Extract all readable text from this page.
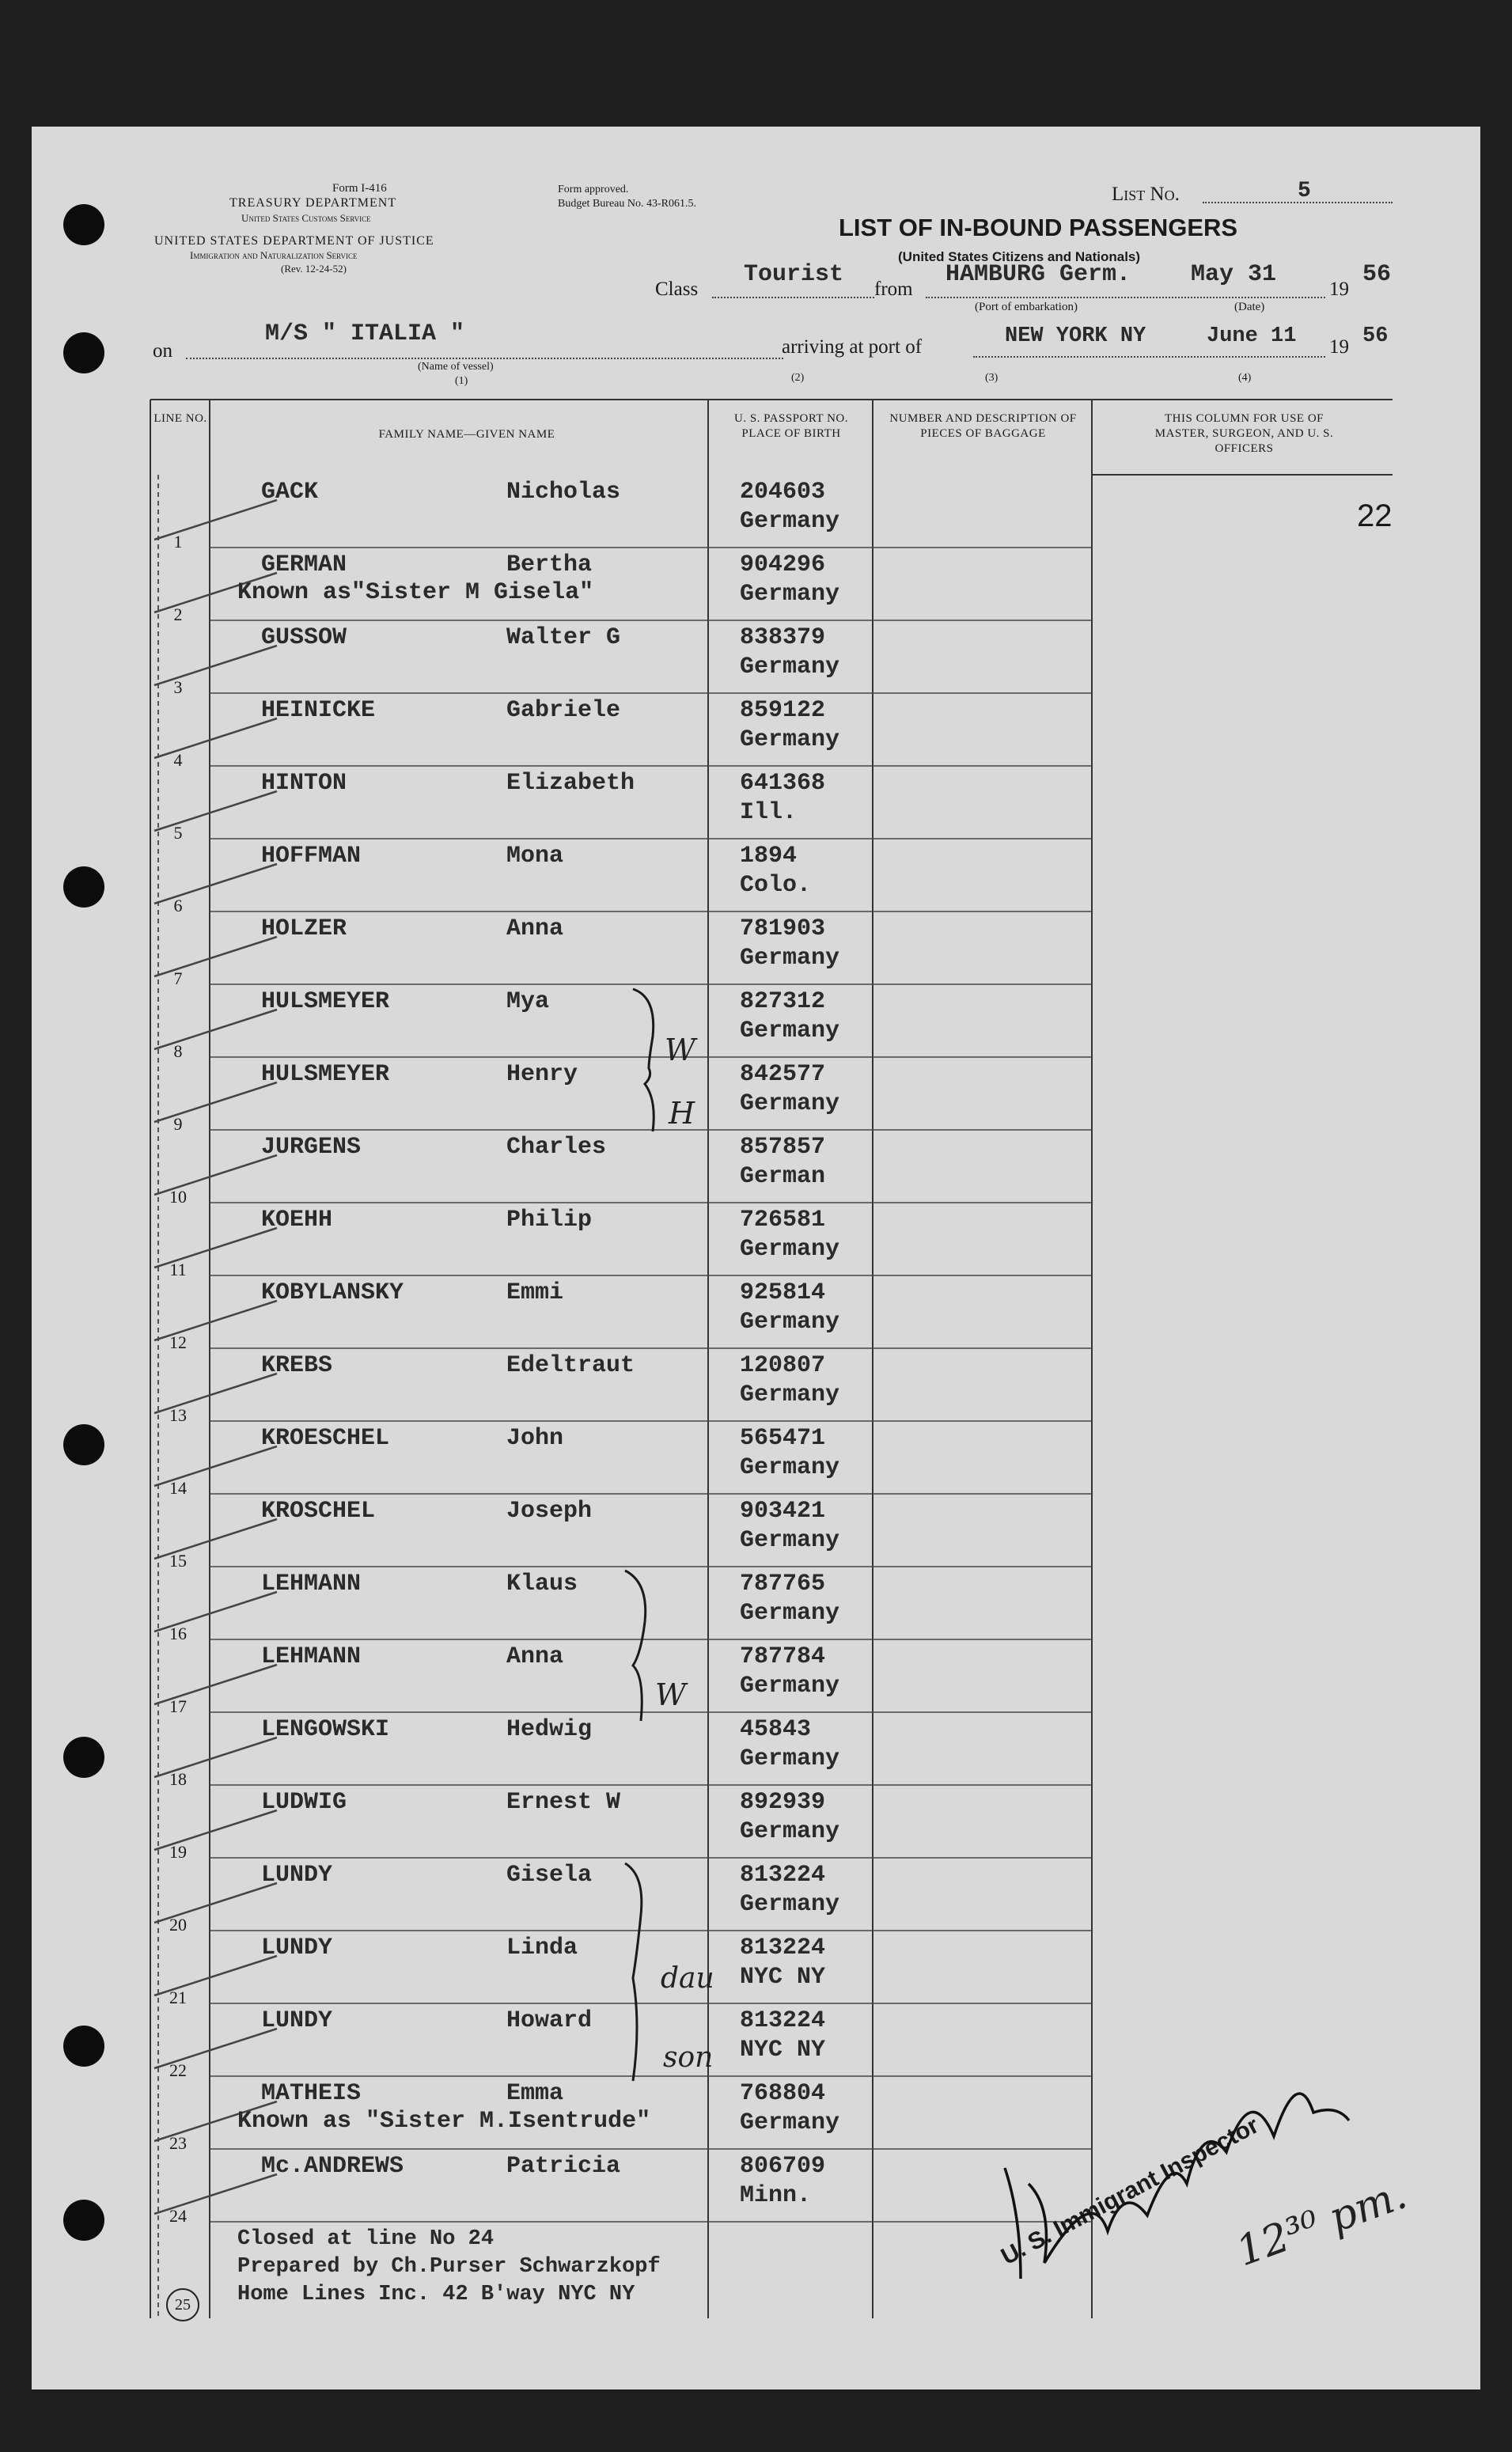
Form I-416
TREASURY DEPARTMENT
United States Customs Service
UNITED STATES DEPARTMENT OF JUSTICE
Immigration and Naturalization Service
(Rev. 12-24-52)
Form approved.
Budget Bureau No. 43-R061.5.
LIST OF IN-BOUND PASSENGERS
(United States Citizens and Nationals)
List No.	5
Class
Tourist
from
HAMBURG Germ.	May 31
19
56
(Port of embarkation)	(Date)
on
M/S " ITALIA "	arriving at port of	NEW YORK NY	June 11 19 56
(Name of vessel)
(1)	(2)	(3)	(4)
LINE NO.
FAMILY NAME—GIVEN NAME
U. S. PASSPORT NO. PLACE OF BIRTH
NUMBER AND DESCRIPTION OF PIECES OF BAGGAGE
THIS COLUMN FOR USE OF MASTER, SURGEON, AND U. S. OFFICERS
22
1
GACK	Nicholas	204603
Germany
2
GERMAN	Bertha
Known as"Sister M Gisela"
904296
Germany
3
GUSSOW	Walter G	838379
Germany
4
HEINICKE	Gabriele	859122
Germany
5
HINTON	Elizabeth	641368
Ill.
6
HOFFMAN	Mona	1894
Colo.
7
HOLZER	Anna	781903
Germany
8
HULSMEYER	Mya	827312
Germany
9
HULSMEYER	Henry	842577
Germany
10
JURGENS	Charles	857857
German
11
KOEHH	Philip	726581
Germany
12
KOBYLANSKY	Emmi	925814
Germany
13
KREBS	Edeltraut	120807
Germany
14
KROESCHEL	John	565471
Germany
15
KROSCHEL	Joseph	903421
Germany
16
LEHMANN	Klaus	787765
Germany
17
LEHMANN	Anna	787784
Germany
18
LENGOWSKI	Hedwig	45843
Germany
19
LUDWIG	Ernest W	892939
Germany
20
LUNDY	Gisela	813224
Germany
21
LUNDY	Linda	813224
NYC NY
22
LUNDY	Howard	813224
NYC NY
23
MATHEIS	Emma
Known as "Sister M.Isentrude"
768804
Germany
24
Mc.ANDREWS	Patricia	806709
Minn.
W
H
W
dau
son
Closed at line No 24
Prepared by Ch.Purser Schwarzkopf
Home Lines Inc. 42 B'way NYC NY
25
U. S. Immigrant Inspector
12³⁰ pm.
